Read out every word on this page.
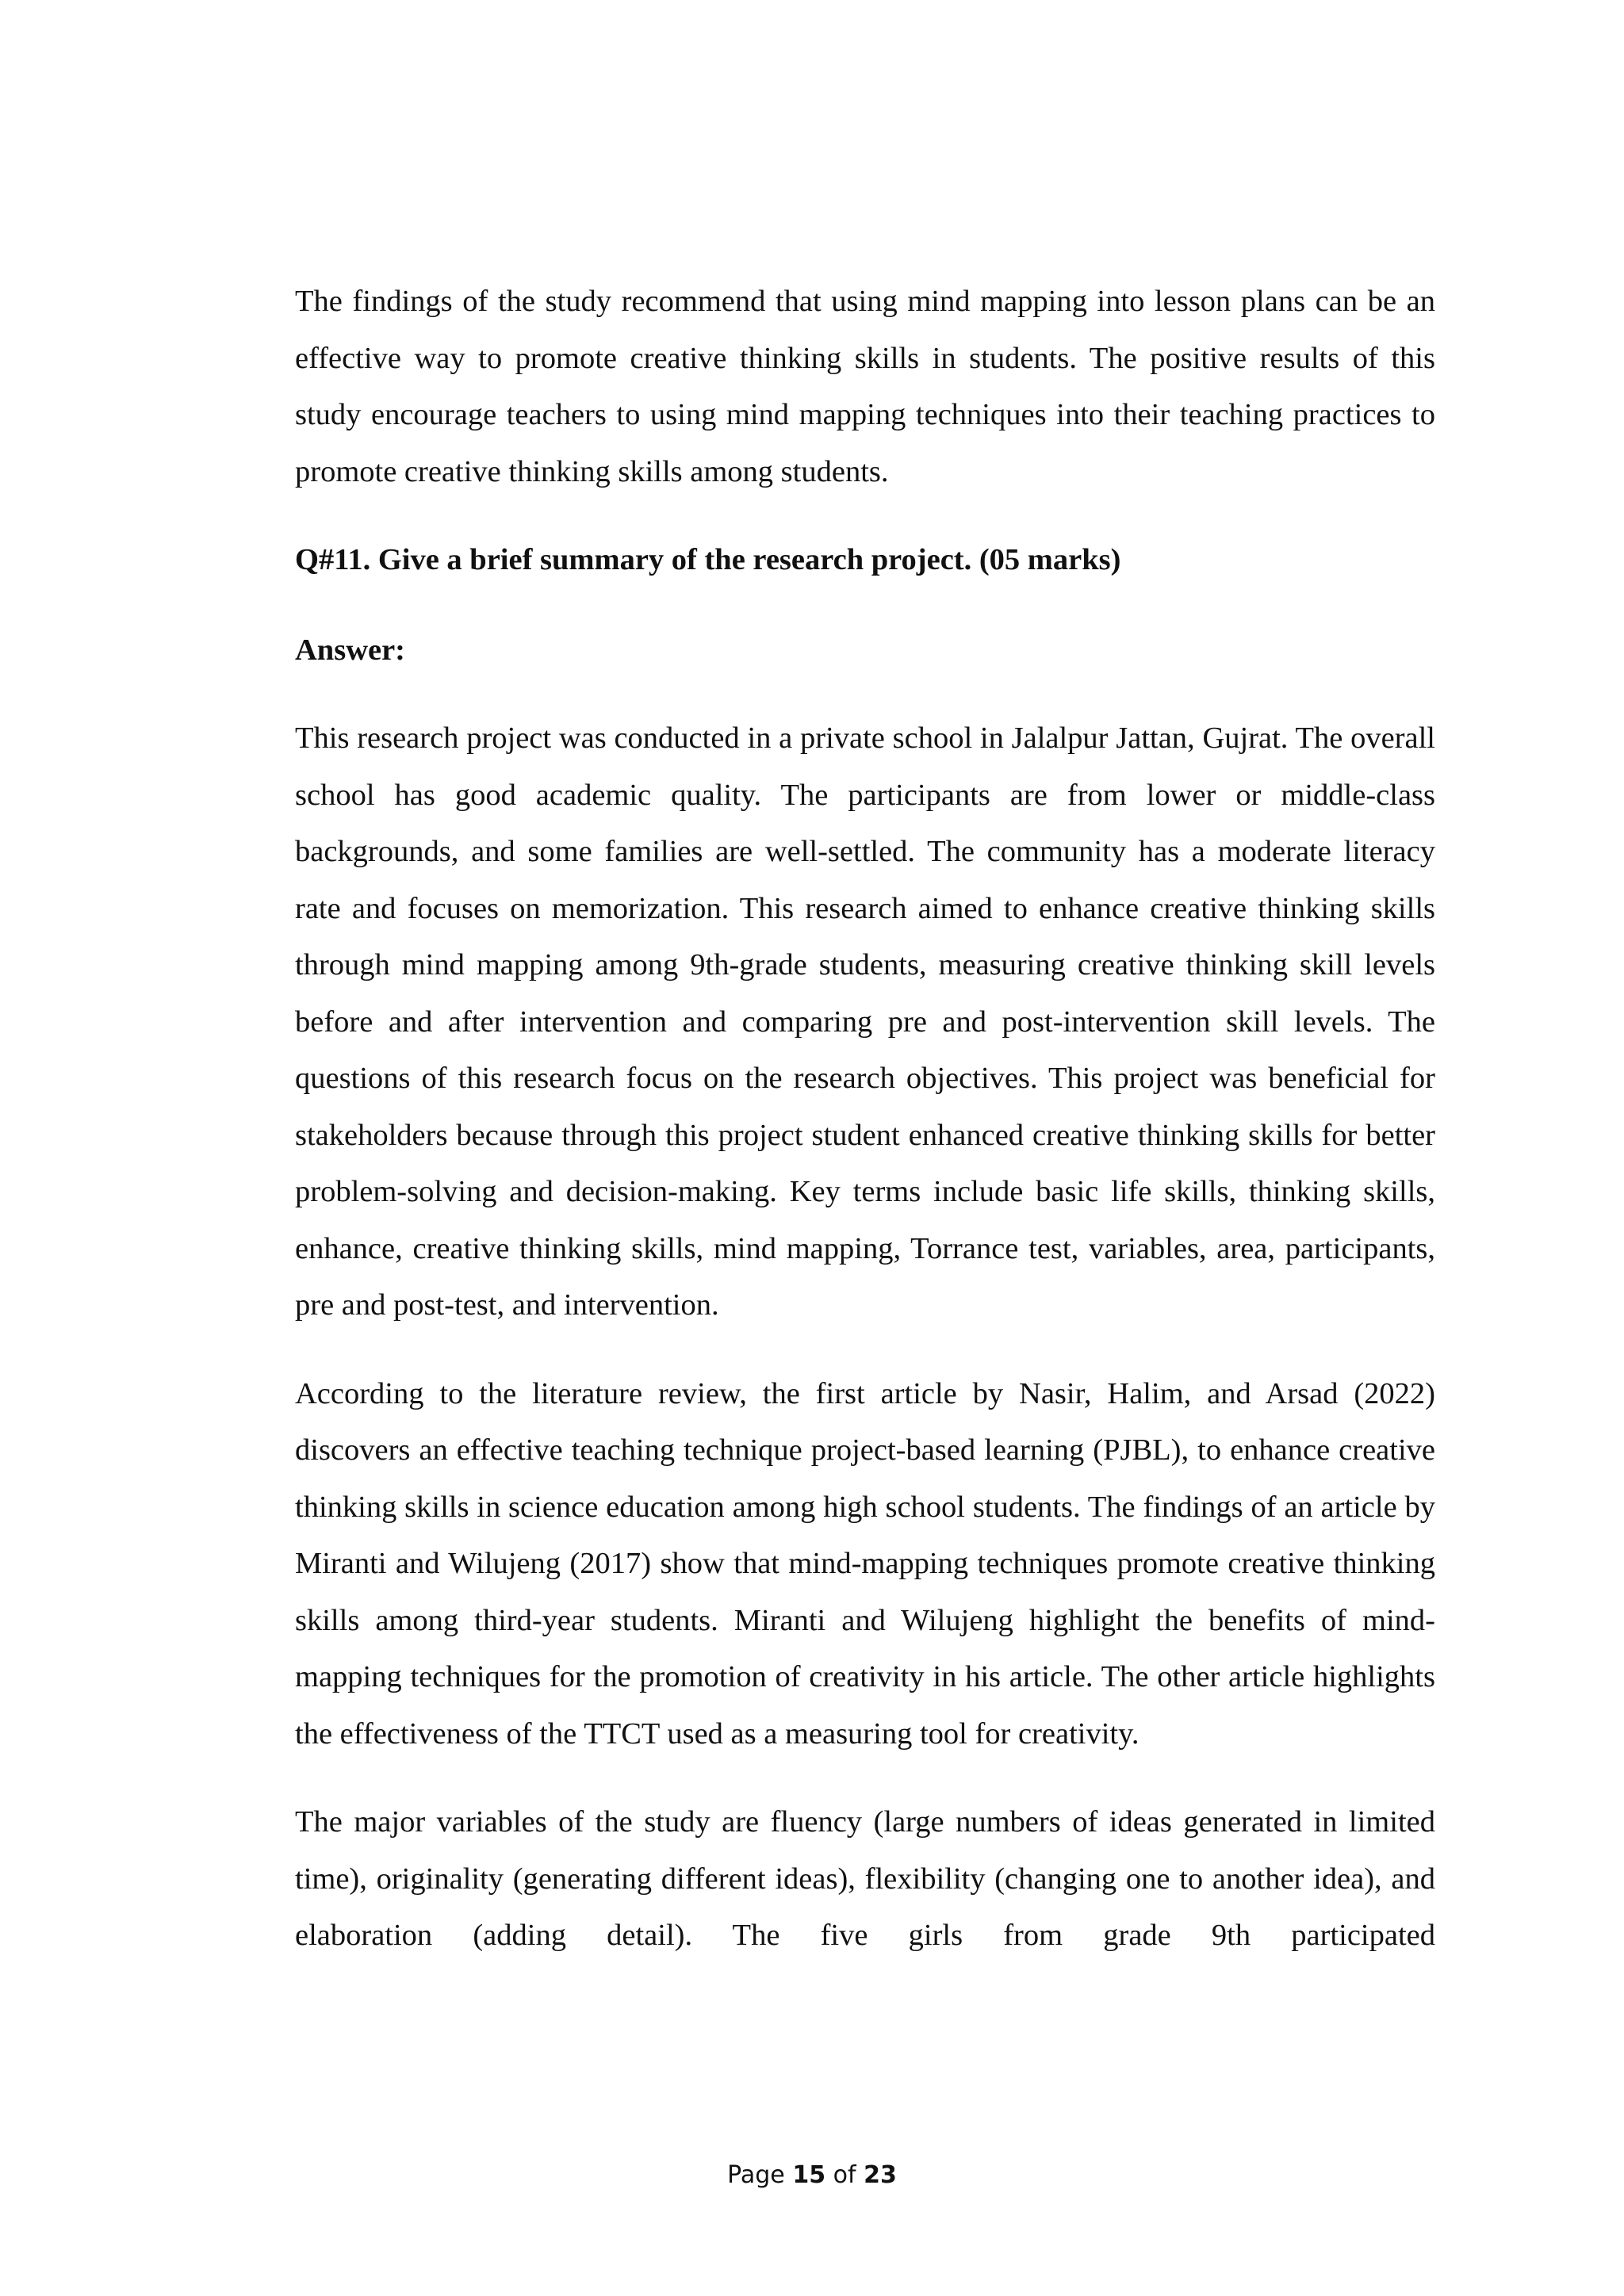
The findings of the study recommend that using mind mapping into lesson plans can be an effective way to promote creative thinking skills in students. The positive results of this study encourage teachers to using mind mapping techniques into their teaching practices to promote creative thinking skills among students.

Q#11. Give a brief summary of the research project. (05 marks)

Answer:

This research project was conducted in a private school in Jalalpur Jattan, Gujrat. The overall school has good academic quality. The participants are from lower or middle-class backgrounds, and some families are well-settled. The community has a moderate literacy rate and focuses on memorization. This research aimed to enhance creative thinking skills through mind mapping among 9th-grade students, measuring creative thinking skill levels before and after intervention and comparing pre and post-intervention skill levels. The questions of this research focus on the research objectives. This project was beneficial for stakeholders because through this project student enhanced creative thinking skills for better problem-solving and decision-making. Key terms include basic life skills, thinking skills, enhance, creative thinking skills, mind mapping, Torrance test, variables, area, participants, pre and post-test, and intervention.

According to the literature review, the first article by Nasir, Halim, and Arsad (2022) discovers an effective teaching technique project-based learning (PJBL), to enhance creative thinking skills in science education among high school students. The findings of an article by Miranti and Wilujeng (2017) show that mind-mapping techniques promote creative thinking skills among third-year students. Miranti and Wilujeng highlight the benefits of mind-mapping techniques for the promotion of creativity in his article. The other article highlights the effectiveness of the TTCT used as a measuring tool for creativity.

The major variables of the study are fluency (large numbers of ideas generated in limited time), originality (generating different ideas), flexibility (changing one to another idea), and elaboration (adding detail). The five girls from grade 9th participated

Page 15 of 23
